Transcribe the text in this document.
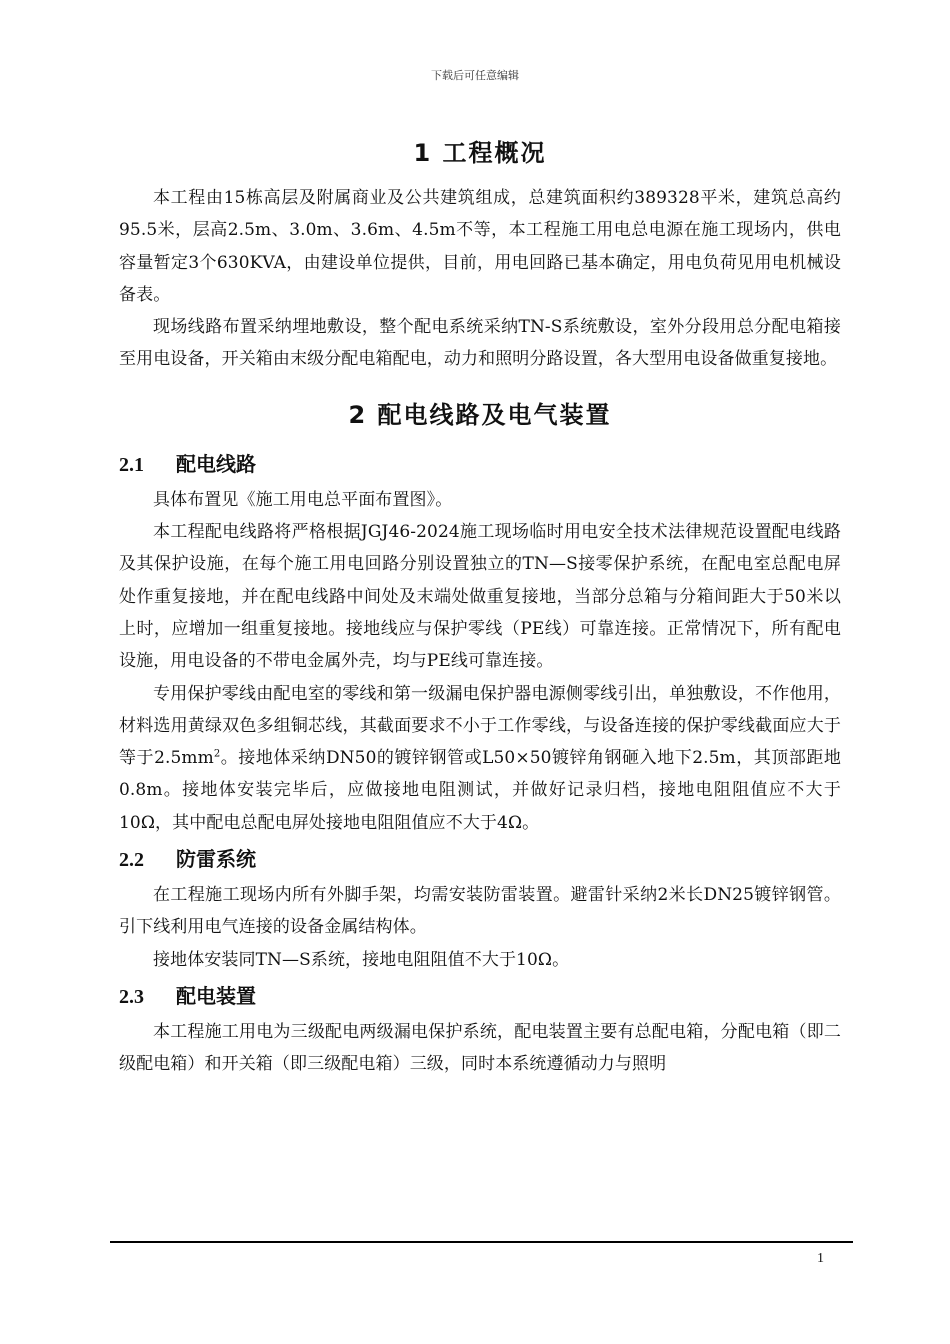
下载后可任意编辑
1 工程概况

本工程由15栋高层及附属商业及公共建筑组成，总建筑面积约389328平米，建筑总高约95.5米，层高2.5m、3.0m、3.6m、4.5m不等，本工程施工用电总电源在施工现场内，供电容量暂定3个630KVA，由建设单位提供，目前，用电回路已基本确定，用电负荷见用电机械设备表。

现场线路布置采纳埋地敷设，整个配电系统采纳TN-S系统敷设，室外分段用总分配电箱接至用电设备，开关箱由末级分配电箱配电，动力和照明分路设置，各大型用电设备做重复接地。

2 配电线路及电气装置
2.1 配电线路

具体布置见《施工用电总平面布置图》。

本工程配电线路将严格根据JGJ46-2024施工现场临时用电安全技术法律规范设置配电线路及其保护设施，在每个施工用电回路分别设置独立的TN—S接零保护系统，在配电室总配电屏处作重复接地，并在配电线路中间处及末端处做重复接地，当部分总箱与分箱间距大于50米以上时，应增加一组重复接地。接地线应与保护零线（PE线）可靠连接。正常情况下，所有配电设施，用电设备的不带电金属外壳，均与PE线可靠连接。

专用保护零线由配电室的零线和第一级漏电保护器电源侧零线引出，单独敷设，不作他用，材料选用黄绿双色多组铜芯线，其截面要求不小于工作零线，与设备连接的保护零线截面应大于等于$2.5mm^2$。接地体采纳DN50的镀锌钢管或L50×50镀锌角钢砸入地下2.5m，其顶部距地0.8m。接地体安装完毕后，应做接地电阻测试，并做好记录归档，接地电阻阻值应不大于10Ω，其中配电总配电屏处接地电阻阻值应不大于4Ω。

2.2 防雷系统

在工程施工现场内所有外脚手架，均需安装防雷装置。避雷针采纳2米长DN25镀锌钢管。引下线利用电气连接的设备金属结构体。

接地体安装同TN—S系统，接地电阻阻值不大于10Ω。

2.3 配电装置

本工程施工用电为三级配电两级漏电保护系统，配电装置主要有总配电箱，分配电箱（即二级配电箱）和开关箱（即三级配电箱）三级，同时本系统遵循动力与照明

1
